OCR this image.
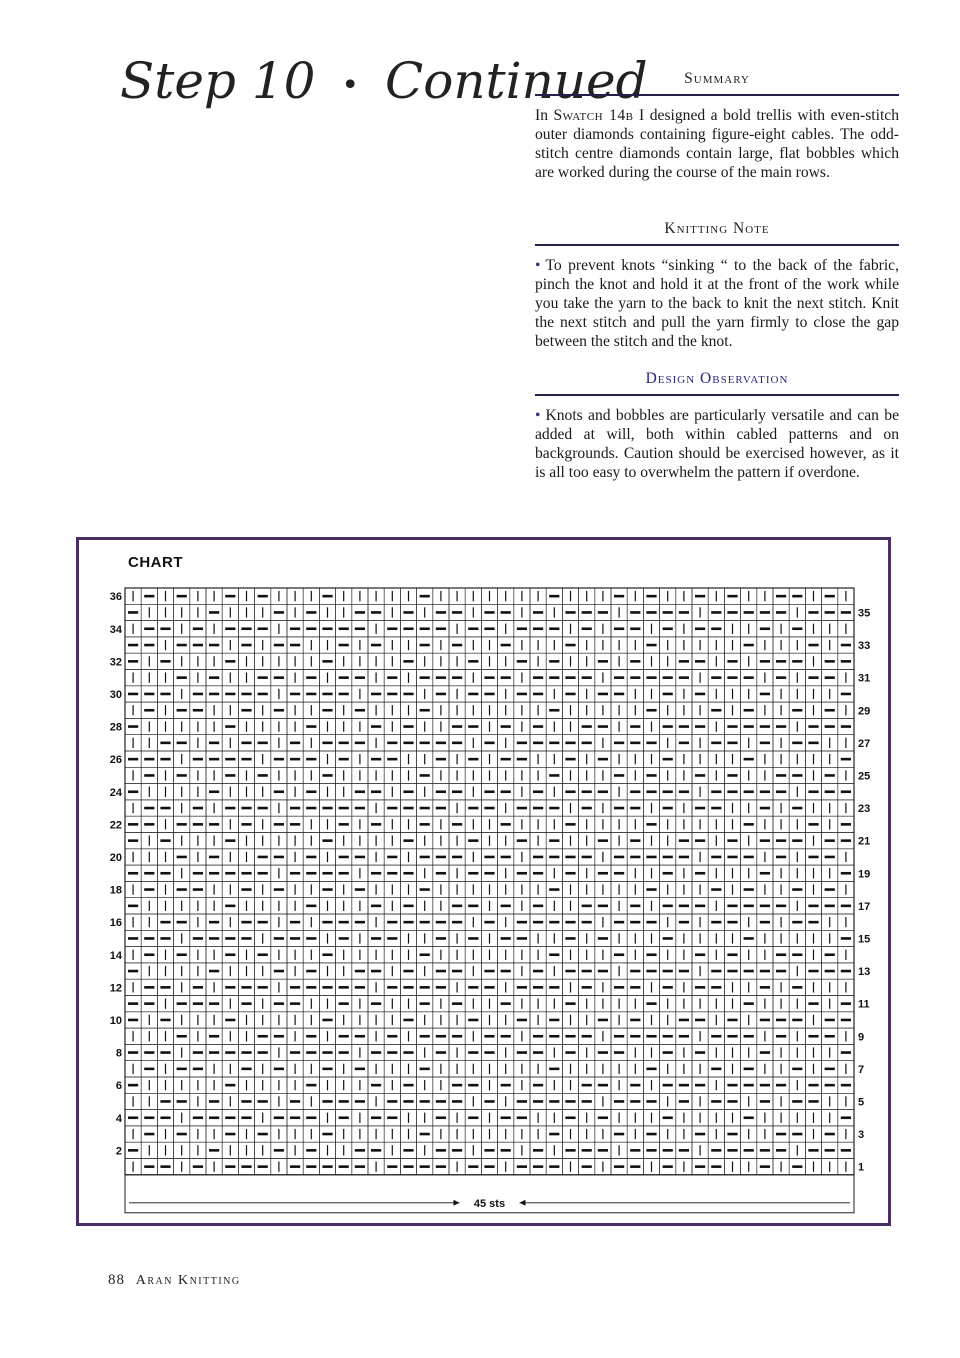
Step 10 • Continued	Summary
In Swatch 14b I designed a bold trellis with even-stitch outer diamonds containing figure-eight cables. The odd-stitch centre diamonds contain large, flat bobbles which are worked during the course of the main rows.
Knitting Note
• To prevent knots “sinking “ to the back of the fabric, pinch the knot and hold it at the front of the work while you take the yarn to the back to knit the next stitch. Knit the next stitch and pull the yarn firmly to close the gap between the stitch and the knot.
Design Observation
• Knots and bobbles are particularly versatile and can be added at will, both within cabled patterns and on backgrounds. Caution should be exercised however, as it is all too easy to overwhelm the pattern if overdone.
CHART
36
34
32
30
28
26
24
22
20
18
16
14
12
10
8
6
4
2
35
33
31
29
27
25
23
21
19
17
15
13
11
9
7
5
3
1
45 sts
88 Aran Knitting
